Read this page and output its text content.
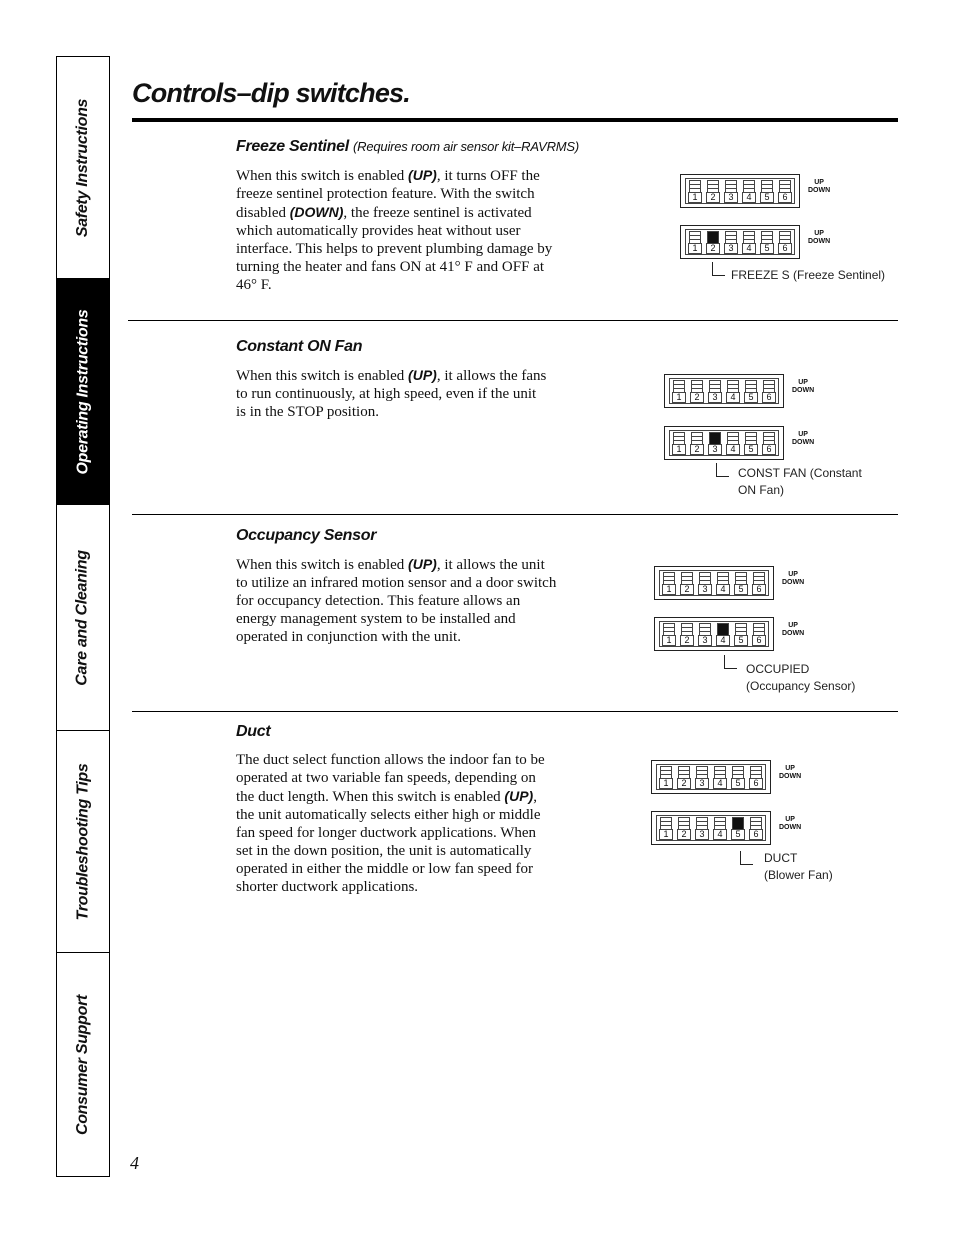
Safety Instructions
Operating Instructions
Care and Cleaning
Troubleshooting Tips
Consumer Support
Controls–dip switches.
Freeze Sentinel (Requires room air sensor kit–RAVRMS)

When this switch is enabled (UP), it turns OFF the freeze sentinel protection feature. With the switch disabled (DOWN), the freeze sentinel is activated which automatically provides heat without user interface. This helps to prevent plumbing damage by turning the heater and fans ON at 41° F and OFF at 46° F.

1	2	3	4	5	6
UP
DOWN
1	2	3	4	5	6
UP
DOWN
FREEZE S (Freeze Sentinel)
Constant ON Fan

When this switch is enabled (UP), it allows the fans to run continuously, at high speed, even if the unit is in the STOP position.

1	2	3	4	5	6
UP
DOWN
1	2	3	4	5	6
UP
DOWN
CONST FAN (Constant
ON Fan)
Occupancy Sensor

When this switch is enabled (UP), it allows the unit to utilize an infrared motion sensor and a door switch for occupancy detection. This feature allows an energy management system to be installed and operated in conjunction with the unit.

1	2	3	4	5	6
UP
DOWN
1	2	3	4	5	6
UP
DOWN
OCCUPIED
(Occupancy Sensor)
Duct

The duct select function allows the indoor fan to be operated at two variable fan speeds, depending on the duct length. When this switch is enabled (UP), the unit automatically selects either high or middle fan speed for longer ductwork applications. When set in the down position, the unit is automatically operated in either the middle or low fan speed for shorter ductwork applications.

1	2	3	4	5	6
UP
DOWN
1	2	3	4	5	6
UP
DOWN
DUCT
(Blower Fan)
4
